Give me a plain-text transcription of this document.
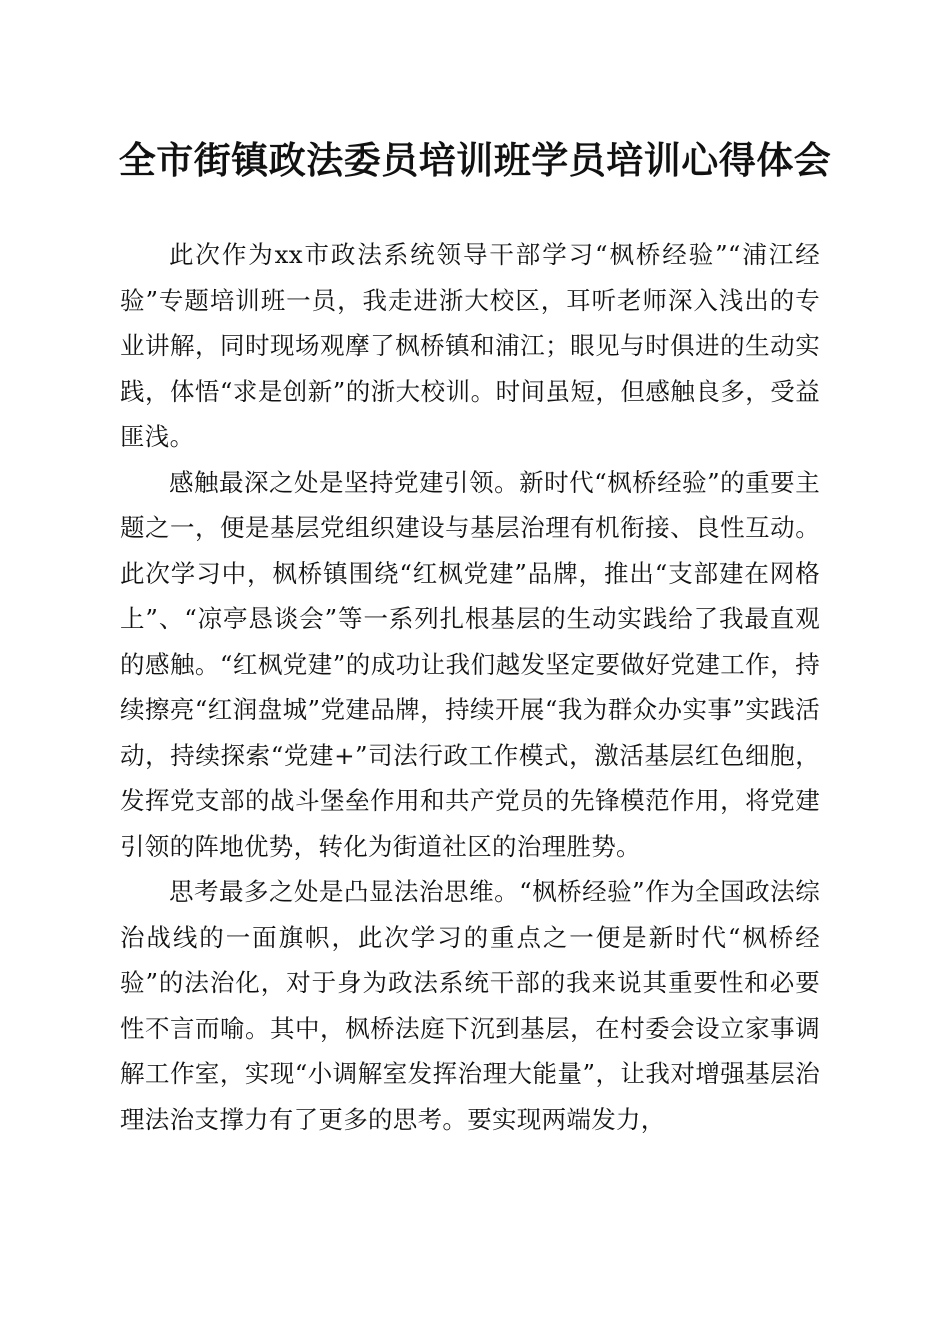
全市街镇政法委员培训班学员培训心得体会

此次作为xx市政法系统领导干部学习“枫桥经验”“浦江经验”专题培训班一员，我走进浙大校区，耳听老师深入浅出的专业讲解，同时现场观摩了枫桥镇和浦江；眼见与时俱进的生动实践，体悟“求是创新”的浙大校训。时间虽短，但感触良多，受益匪浅。

感触最深之处是坚持党建引领。新时代“枫桥经验”的重要主题之一，便是基层党组织建设与基层治理有机衔接、良性互动。此次学习中，枫桥镇围绕“红枫党建”品牌，推出“支部建在网格上”、“凉亭恳谈会”等一系列扎根基层的生动实践给了我最直观的感触。“红枫党建”的成功让我们越发坚定要做好党建工作，持续擦亮“红润盘城”党建品牌，持续开展“我为群众办实事”实践活动，持续探索“党建+”司法行政工作模式，激活基层红色细胞，发挥党支部的战斗堡垒作用和共产党员的先锋模范作用，将党建引领的阵地优势，转化为街道社区的治理胜势。

思考最多之处是凸显法治思维。“枫桥经验”作为全国政法综治战线的一面旗帜，此次学习的重点之一便是新时代“枫桥经验”的法治化，对于身为政法系统干部的我来说其重要性和必要性不言而喻。其中，枫桥法庭下沉到基层，在村委会设立家事调解工作室，实现“小调解室发挥治理大能量”，让我对增强基层治理法治支撑力有了更多的思考。要实现两端发力，
